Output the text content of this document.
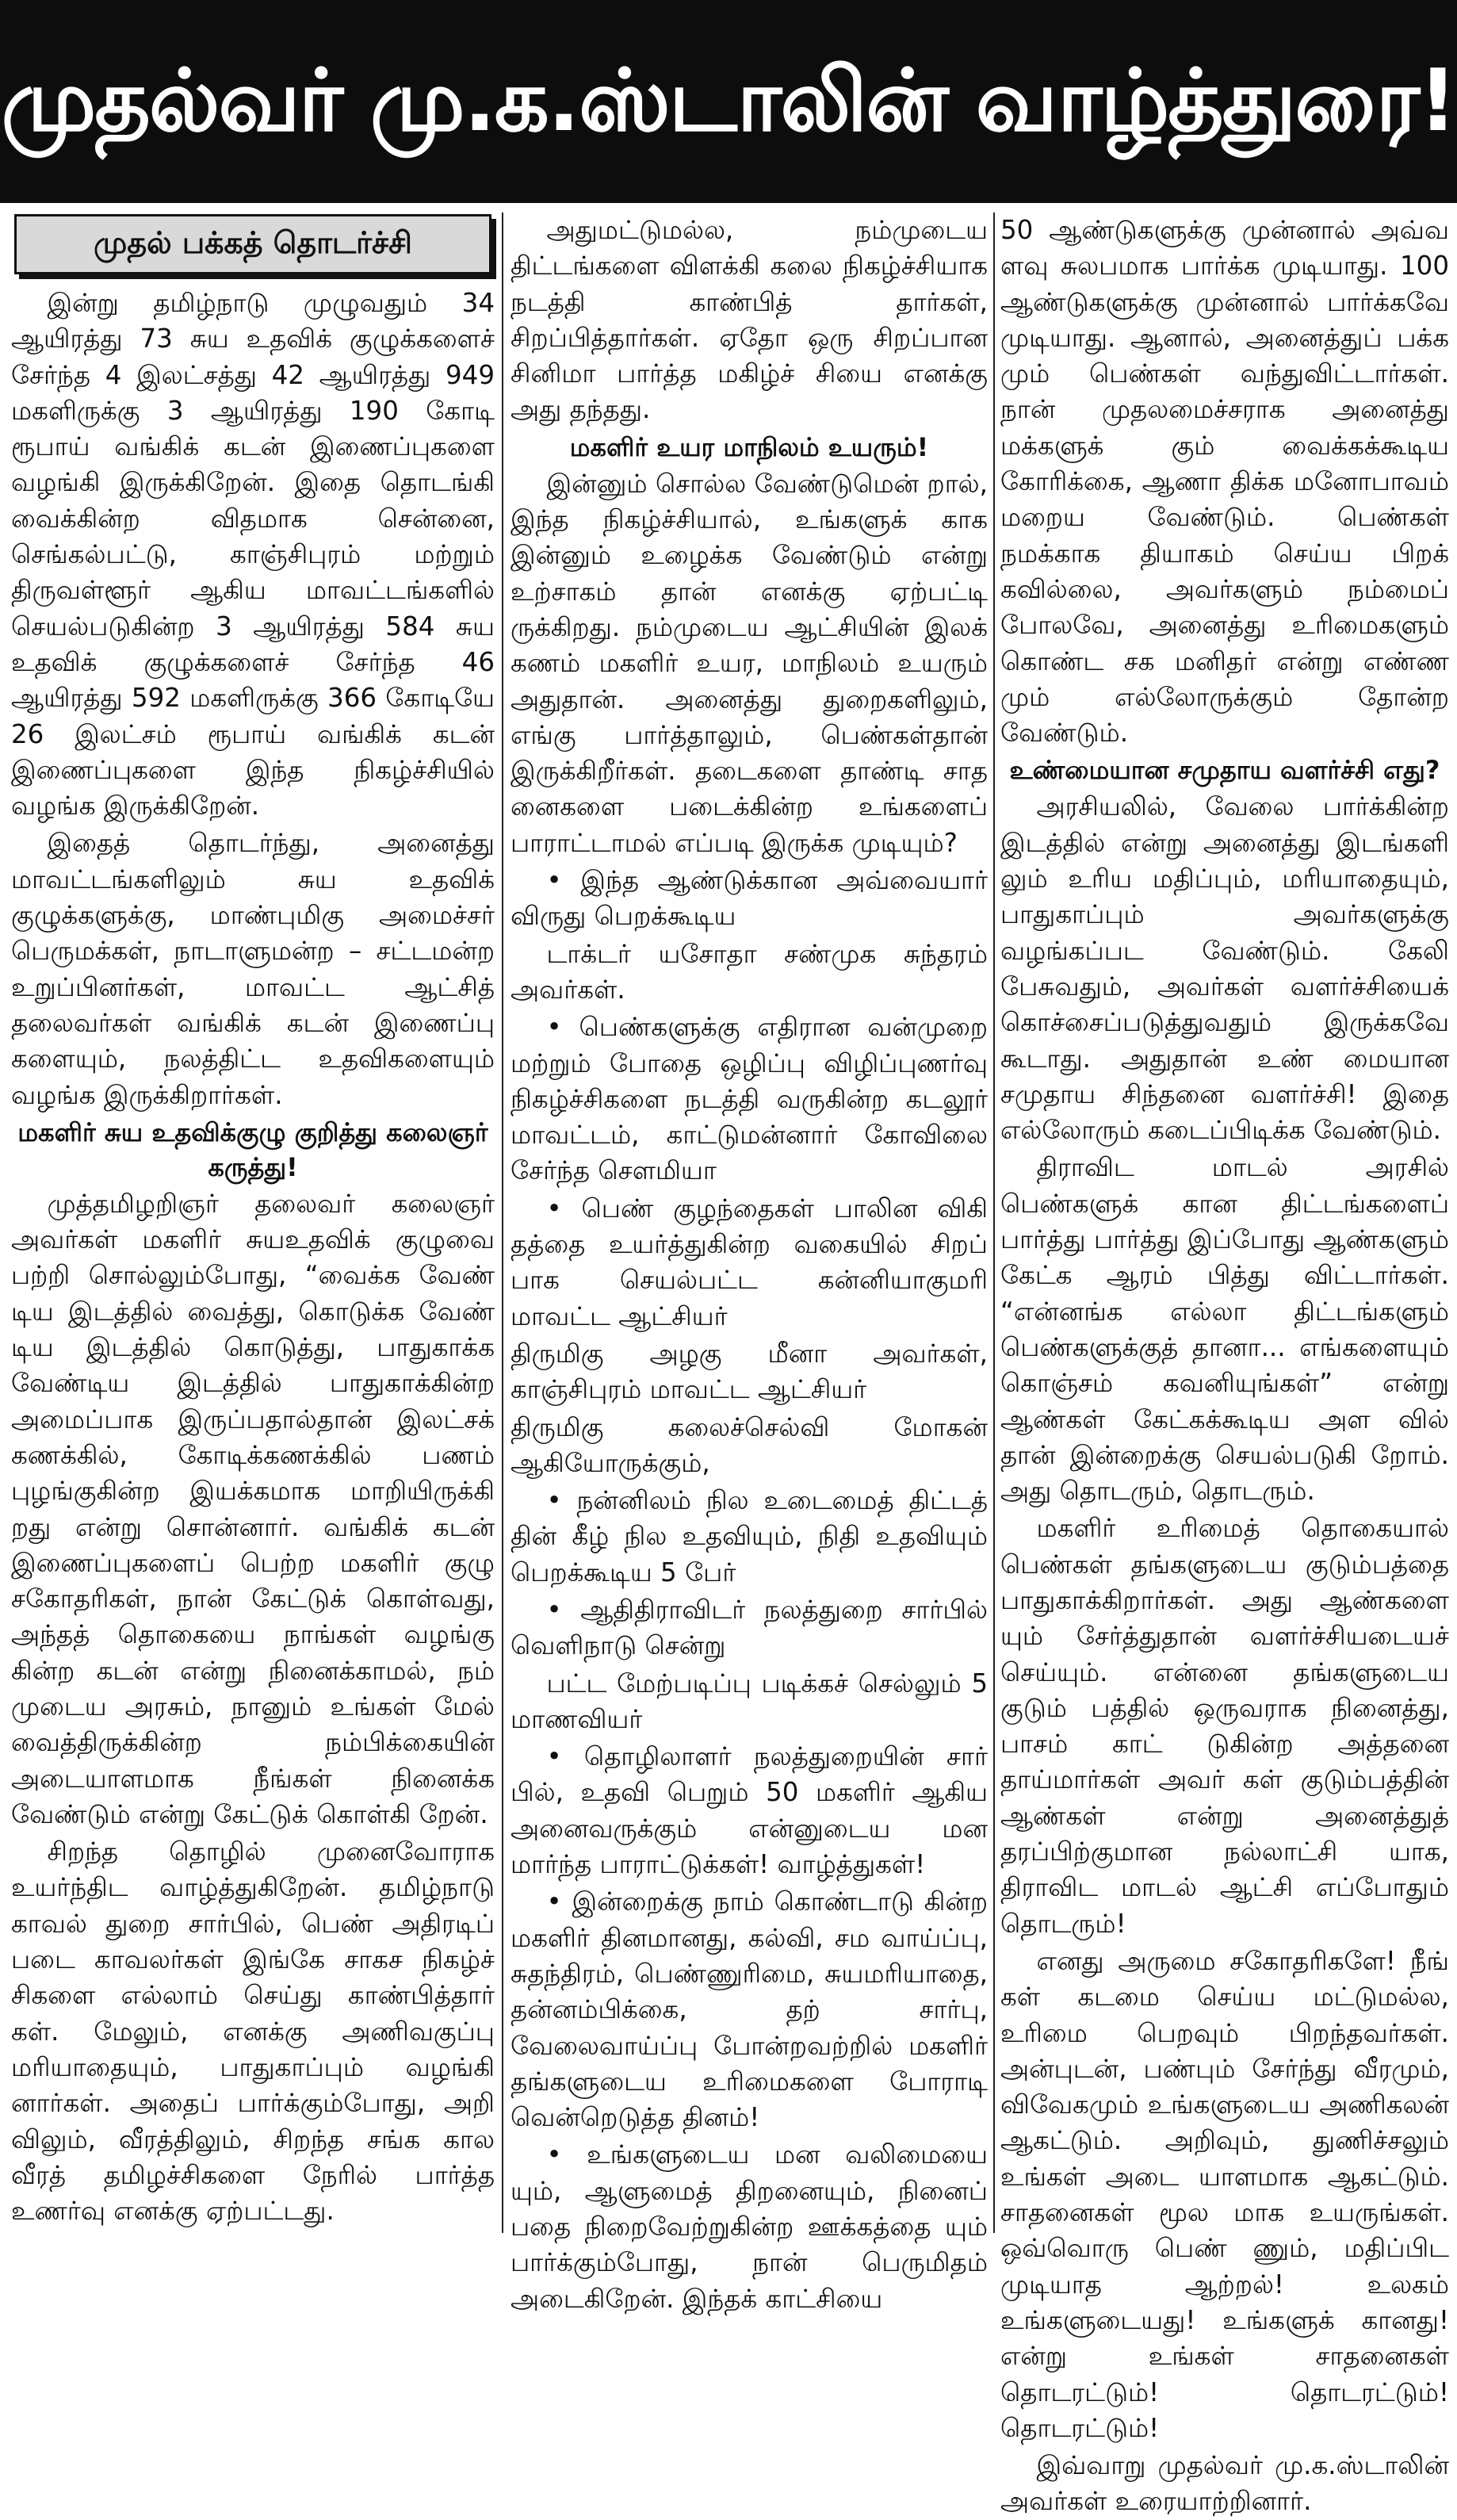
முதல்வர் மு.க.ஸ்டாலின் வாழ்த்துரை!
முதல் பக்கத் தொடர்ச்சி

இன்று தமிழ்நாடு முழுவதும் 34 ஆயிரத்து 73 சுய உதவிக் குழுக்களைச் சேர்ந்த 4 இலட்சத்து 42 ஆயிரத்து 949 மகளிருக்கு 3 ஆயிரத்து 190 கோடி ரூபாய் வங்கிக் கடன் இணைப்புகளை வழங்கி இருக்கிறேன். இதை தொடங்கி வைக்கின்ற விதமாக சென்னை, செங்கல்பட்டு, காஞ்சிபுரம் மற்றும் திருவள்ளூர் ஆகிய மாவட்டங்களில் செயல்படுகின்ற 3 ஆயிரத்து 584 சுய உதவிக் குழுக்களைச் சேர்ந்த 46 ஆயிரத்து 592 மகளிருக்கு 366 கோடியே 26 இலட்சம் ரூபாய் வங்கிக் கடன் இணைப்புகளை இந்த நிகழ்ச்சியில் வழங்க இருக்கிறேன்.

இதைத் தொடர்ந்து, அனைத்து மாவட்டங்களிலும் சுய உதவிக் குழுக்களுக்கு, மாண்புமிகு அமைச்சர் பெருமக்கள், நாடாளுமன்ற – சட்டமன்ற உறுப்பினர்கள், மாவட்ட ஆட்சித் தலைவர்கள் வங்கிக் கடன் இணைப்பு களையும், நலத்திட்ட உதவிகளையும் வழங்க இருக்கிறார்கள்.

மகளிர் சுய உதவிக்குழு குறித்து கலைஞர் கருத்து!

முத்தமிழறிஞர் தலைவர் கலைஞர் அவர்கள் மகளிர் சுயஉதவிக் குழுவை பற்றி சொல்லும்போது, “வைக்க வேண் டிய இடத்தில் வைத்து, கொடுக்க வேண் டிய இடத்தில் கொடுத்து, பாதுகாக்க வேண்டிய இடத்தில் பாதுகாக்கின்ற அமைப்பாக இருப்பதால்தான் இலட்சக் கணக்கில், கோடிக்கணக்கில் பணம் புழங்குகின்ற இயக்கமாக மாறியிருக்கி றது என்று சொன்னார். வங்கிக் கடன் இணைப்புகளைப் பெற்ற மகளிர் குழு சகோதரிகள், நான் கேட்டுக் கொள்வது, அந்தத் தொகையை நாங்கள் வழங்கு கின்ற கடன் என்று நினைக்காமல், நம் முடைய அரசும், நானும் உங்கள் மேல் வைத்திருக்கின்ற நம்பிக்கையின் அடையாளமாக நீங்கள் நினைக்க வேண்டும் என்று கேட்டுக் கொள்கி றேன்.

சிறந்த தொழில் முனைவோராக உயர்ந்திட வாழ்த்துகிறேன். தமிழ்நாடு காவல் துறை சார்பில், பெண் அதிரடிப் படை காவலர்கள் இங்கே சாகச நிகழ்ச் சிகளை எல்லாம் செய்து காண்பித்தார் கள். மேலும், எனக்கு அணிவகுப்பு மரியாதையும், பாதுகாப்பும் வழங்கி னார்கள். அதைப் பார்க்கும்போது, அறி விலும், வீரத்திலும், சிறந்த சங்க கால வீரத் தமிழச்சிகளை நேரில் பார்த்த உணர்வு எனக்கு ஏற்பட்டது.

அதுமட்டுமல்ல, நம்முடைய திட்டங்களை விளக்கி கலை நிகழ்ச்சியாக நடத்தி காண்பித் தார்கள், சிறப்பித்தார்கள். ஏதோ ஒரு சிறப்பான சினிமா பார்த்த மகிழ்ச் சியை எனக்கு அது தந்தது.

மகளிர் உயர மாநிலம் உயரும்!

இன்னும் சொல்ல வேண்டுமென் றால், இந்த நிகழ்ச்சியால், உங்களுக் காக இன்னும் உழைக்க வேண்டும் என்று உற்சாகம் தான் எனக்கு ஏற்பட்டி ருக்கிறது. நம்முடைய ஆட்சியின் இலக் கணம் மகளிர் உயர, மாநிலம் உயரும் அதுதான். அனைத்து துறைகளிலும், எங்கு பார்த்தாலும், பெண்கள்தான் இருக்கிறீர்கள். தடைகளை தாண்டி சாத னைகளை படைக்கின்ற உங்களைப் பாராட்டாமல் எப்படி இருக்க முடியும்?

• இந்த ஆண்டுக்கான அவ்வையார் விருது பெறக்கூடிய

டாக்டர் யசோதா சண்முக சுந்தரம் அவர்கள்.

• பெண்களுக்கு எதிரான வன்முறை மற்றும் போதை ஒழிப்பு விழிப்புணர்வு நிகழ்ச்சிகளை நடத்தி வருகின்ற கடலூர் மாவட்டம், காட்டுமன்னார் கோவிலை சேர்ந்த சௌமியா

• பெண் குழந்தைகள் பாலின விகி தத்தை உயர்த்துகின்ற வகையில் சிறப் பாக செயல்பட்ட கன்னியாகுமரி மாவட்ட ஆட்சியர்

திருமிகு அழகு மீனா அவர்கள், காஞ்சிபுரம் மாவட்ட ஆட்சியர்

திருமிகு கலைச்செல்வி மோகன் ஆகியோருக்கும்,

• நன்னிலம் நில உடைமைத் திட்டத் தின் கீழ் நில உதவியும், நிதி உதவியும் பெறக்கூடிய 5 பேர்

• ஆதிதிராவிடர் நலத்துறை சார்பில் வெளிநாடு சென்று

பட்ட மேற்படிப்பு படிக்கச் செல்லும் 5 மாணவியர்

• தொழிலாளர் நலத்துறையின் சார் பில், உதவி பெறும் 50 மகளிர் ஆகிய அனைவருக்கும் என்னுடைய மன மார்ந்த பாராட்டுக்கள்! வாழ்த்துகள்!

• இன்றைக்கு நாம் கொண்டாடு கின்ற மகளிர் தினமானது, கல்வி, சம வாய்ப்பு, சுதந்திரம், பெண்ணுரிமை, சுயமரியாதை, தன்னம்பிக்கை, தற் சார்பு, வேலைவாய்ப்பு போன்றவற்றில் மகளிர் தங்களுடைய உரிமைகளை போராடி வென்றெடுத்த தினம்!

• உங்களுடைய மன வலிமையை யும், ஆளுமைத் திறனையும், நினைப் பதை நிறைவேற்றுகின்ற ஊக்கத்தை யும் பார்க்கும்போது, நான் பெருமிதம் அடைகிறேன். இந்தக் காட்சியை

50 ஆண்டுகளுக்கு முன்னால் அவ்வ ளவு சுலபமாக பார்க்க முடியாது. 100 ஆண்டுகளுக்கு முன்னால் பார்க்கவே முடியாது. ஆனால், அனைத்துப் பக்க மும் பெண்கள் வந்துவிட்டார்கள். நான் முதலமைச்சராக அனைத்து மக்களுக் கும் வைக்கக்கூடிய கோரிக்கை, ஆணா திக்க மனோபாவம் மறைய வேண்டும். பெண்கள் நமக்காக தியாகம் செய்ய பிறக் கவில்லை, அவர்களும் நம்மைப் போலவே, அனைத்து உரிமைகளும் கொண்ட சக மனிதர் என்று எண்ண மும் எல்லோருக்கும் தோன்ற வேண்டும்.

உண்மையான சமுதாய வளர்ச்சி எது?

அரசியலில், வேலை பார்க்கின்ற இடத்தில் என்று அனைத்து இடங்களி லும் உரிய மதிப்பும், மரியாதையும், பாதுகாப்பும் அவர்களுக்கு வழங்கப்பட வேண்டும். கேலி பேசுவதும், அவர்கள் வளர்ச்சியைக் கொச்சைப்படுத்துவதும் இருக்கவே கூடாது. அதுதான் உண் மையான சமுதாய சிந்தனை வளர்ச்சி! இதை எல்லோரும் கடைப்பிடிக்க வேண்டும்.

திராவிட மாடல் அரசில் பெண்களுக் கான திட்டங்களைப் பார்த்து பார்த்து இப்போது ஆண்களும் கேட்க ஆரம் பித்து விட்டார்கள். “என்னங்க எல்லா திட்டங்களும் பெண்களுக்குத் தானா... எங்களையும் கொஞ்சம் கவனியுங்கள்” என்று ஆண்கள் கேட்கக்கூடிய அள வில் தான் இன்றைக்கு செயல்படுகி றோம். அது தொடரும், தொடரும்.

மகளிர் உரிமைத் தொகையால் பெண்கள் தங்களுடைய குடும்பத்தை பாதுகாக்கிறார்கள். அது ஆண்களை யும் சேர்த்துதான் வளர்ச்சியடையச் செய்யும். என்னை தங்களுடைய குடும் பத்தில் ஒருவராக நினைத்து, பாசம் காட் டுகின்ற அத்தனை தாய்மார்கள் அவர் கள் குடும்பத்தின் ஆண்கள் என்று அனைத்துத் தரப்பிற்குமான நல்லாட்சி யாக, திராவிட மாடல் ஆட்சி எப்போதும் தொடரும்!

எனது அருமை சகோதரிகளே! நீங் கள் கடமை செய்ய மட்டுமல்ல, உரிமை பெறவும் பிறந்தவர்கள். அன்புடன், பண்பும் சேர்ந்து வீரமும், விவேகமும் உங்களுடைய அணிகலன் ஆகட்டும். அறிவும், துணிச்சலும் உங்கள் அடை யாளமாக ஆகட்டும். சாதனைகள் மூல மாக உயருங்கள். ஒவ்வொரு பெண் ணும், மதிப்பிட முடியாத ஆற்றல்! உலகம் உங்களுடையது! உங்களுக் கானது! என்று உங்கள் சாதனைகள் தொடரட்டும்! தொடரட்டும்! தொடரட்டும்!

இவ்வாறு முதல்வர் மு.க.ஸ்டாலின் அவர்கள் உரையாற்றினார்.
